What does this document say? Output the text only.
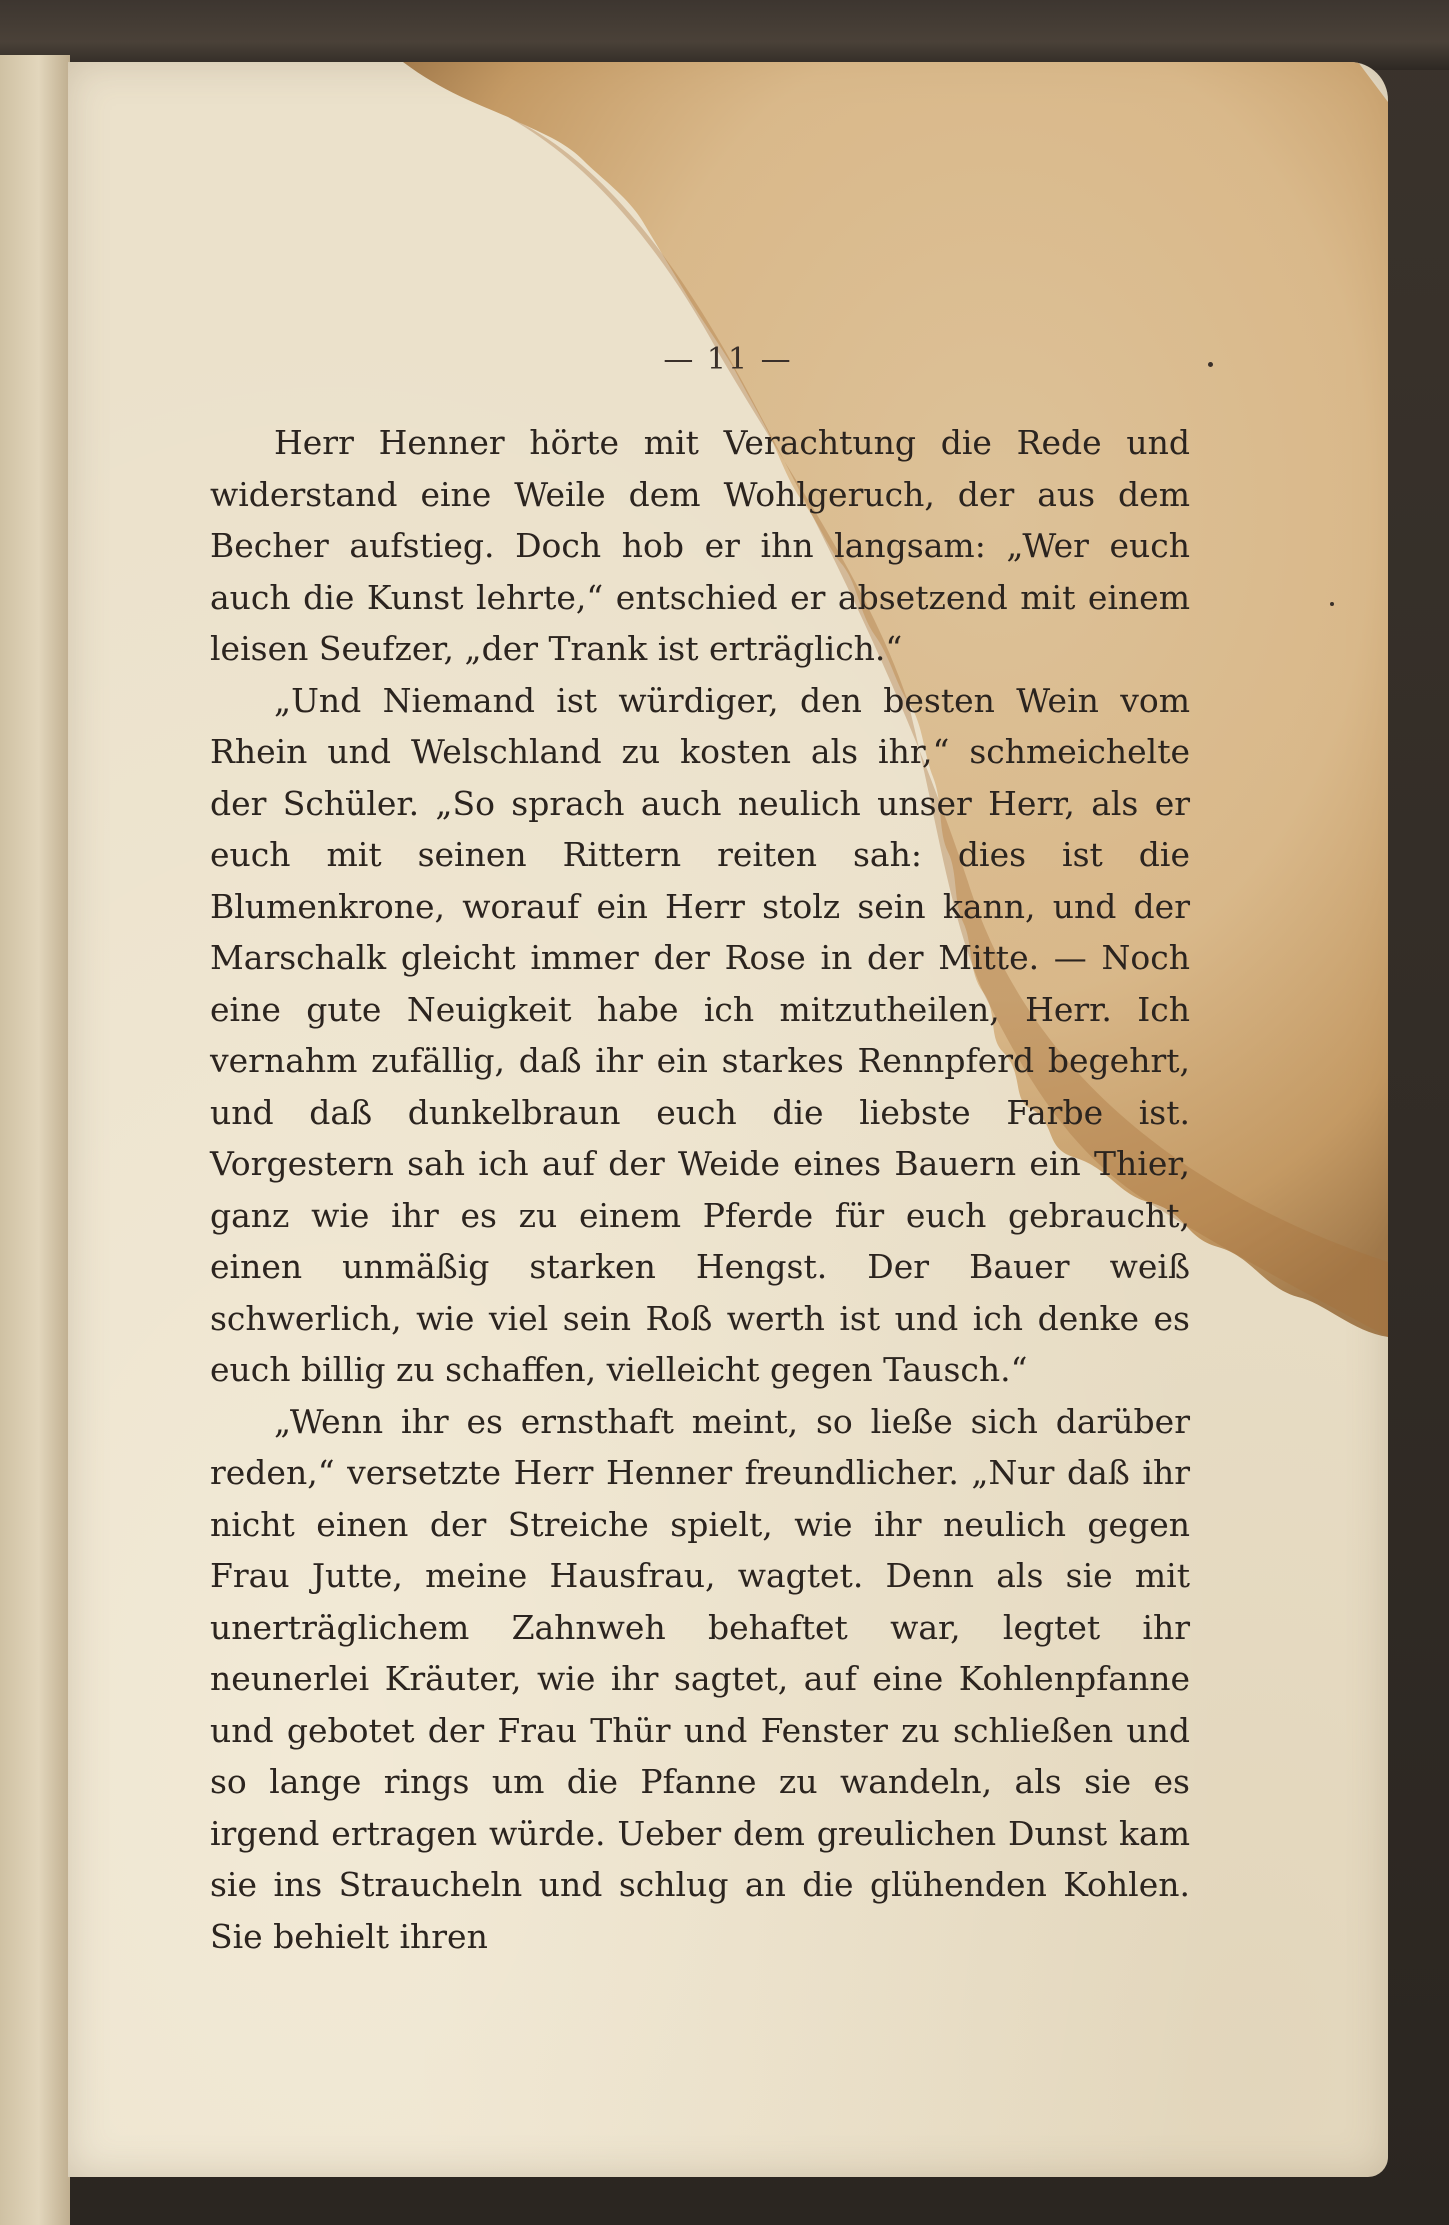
— 11 —

Herr Henner hörte mit Verachtung die Rede und widerstand eine Weile dem Wohlgeruch, der aus dem Becher aufstieg. Doch hob er ihn langsam: „Wer euch auch die Kunst lehrte,“ entschied er absetzend mit einem leisen Seufzer, „der Trank ist erträglich.“

„Und Niemand ist würdiger, den besten Wein vom Rhein und Welschland zu kosten als ihr,“ schmeichelte der Schüler. „So sprach auch neulich unser Herr, als er euch mit seinen Rittern reiten sah: dies ist die Blumenkrone, worauf ein Herr stolz sein kann, und der Marschalk gleicht immer der Rose in der Mitte. — Noch eine gute Neuigkeit habe ich mitzutheilen, Herr. Ich vernahm zufällig, daß ihr ein starkes Rennpferd begehrt, und daß dunkelbraun euch die liebste Farbe ist. Vorgestern sah ich auf der Weide eines Bauern ein Thier, ganz wie ihr es zu einem Pferde für euch gebraucht, einen unmäßig starken Hengst. Der Bauer weiß schwerlich, wie viel sein Roß werth ist und ich denke es euch billig zu schaffen, vielleicht gegen Tausch.“

„Wenn ihr es ernsthaft meint, so ließe sich darüber reden,“ versetzte Herr Henner freundlicher. „Nur daß ihr nicht einen der Streiche spielt, wie ihr neulich gegen Frau Jutte, meine Hausfrau, wagtet. Denn als sie mit unerträglichem Zahnweh behaftet war, legtet ihr neunerlei Kräuter, wie ihr sagtet, auf eine Kohlenpfanne und gebotet der Frau Thür und Fenster zu schließen und so lange rings um die Pfanne zu wandeln, als sie es irgend ertragen würde. Ueber dem greulichen Dunst kam sie ins Straucheln und schlug an die glühenden Kohlen. Sie behielt ihren
